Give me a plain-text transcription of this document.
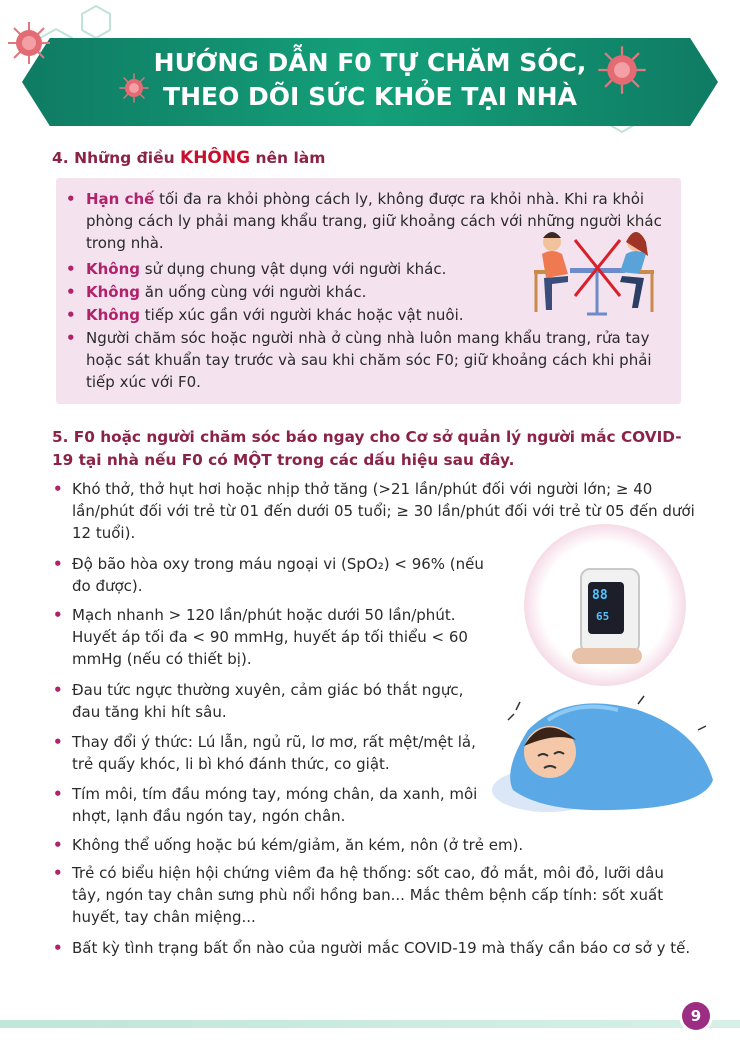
HƯỚNG DẪN F0 TỰ CHĂM SÓC,
THEO DÕI SỨC KHỎE TẠI NHÀ
4. Những điều KHÔNG nên làm
• Hạn chế tối đa ra khỏi phòng cách ly, không được ra khỏi nhà. Khi ra khỏi phòng cách ly phải mang khẩu trang, giữ khoảng cách với những người khác trong nhà.
• Không sử dụng chung vật dụng với người khác.
• Không ăn uống cùng với người khác.
• Không tiếp xúc gần với người khác hoặc vật nuôi.
• Người chăm sóc hoặc người nhà ở cùng nhà luôn mang khẩu trang, rửa tay hoặc sát khuẩn tay trước và sau khi chăm sóc F0; giữ khoảng cách khi phải tiếp xúc với F0.
5. F0 hoặc người chăm sóc báo ngay cho Cơ sở quản lý người mắc COVID-19 tại nhà nếu F0 có MỘT trong các dấu hiệu sau đây.
• Khó thở, thở hụt hơi hoặc nhịp thở tăng (>21 lần/phút đối với người lớn; ≥ 40 lần/phút đối với trẻ từ 01 đến dưới 05 tuổi; ≥ 30 lần/phút đối với trẻ từ 05 đến dưới 12 tuổi).
• Độ bão hòa oxy trong máu ngoại vi (SpO₂) < 96% (nếu đo được).
• Mạch nhanh > 120 lần/phút hoặc dưới 50 lần/phút. Huyết áp tối đa < 90 mmHg, huyết áp tối thiểu < 60 mmHg (nếu có thiết bị).
• Đau tức ngực thường xuyên, cảm giác bó thắt ngực, đau tăng khi hít sâu.
• Thay đổi ý thức: Lú lẫn, ngủ rũ, lơ mơ, rất mệt/mệt lả, trẻ quấy khóc, li bì khó đánh thức, co giật.
• Tím môi, tím đầu móng tay, móng chân, da xanh, môi nhợt, lạnh đầu ngón tay, ngón chân.
• Không thể uống hoặc bú kém/giảm, ăn kém, nôn (ở trẻ em).
• Trẻ có biểu hiện hội chứng viêm đa hệ thống: sốt cao, đỏ mắt, môi đỏ, lưỡi dâu tây, ngón tay chân sưng phù nổi hồng ban... Mắc thêm bệnh cấp tính: sốt xuất huyết, tay chân miệng...
• Bất kỳ tình trạng bất ổn nào của người mắc COVID-19 mà thấy cần báo cơ sở y tế.
88
65
9
